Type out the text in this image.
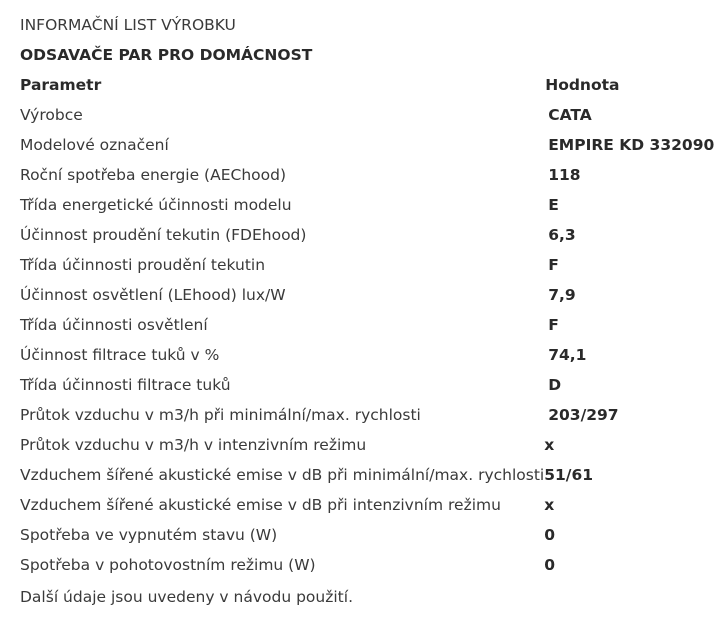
INFORMAČNÍ LIST VÝROBKU
ODSAVAČE PAR PRO DOMÁCNOST
Parametr	Hodnota
Výrobce	CATA
Modelové označení	EMPIRE KD 332090
Roční spotřeba energie (AEChood)	118
Třída energetické účinnosti modelu	E
Účinnost proudění tekutin (FDEhood)	6,3
Třída účinnosti proudění tekutin	F
Účinnost osvětlení (LEhood) lux/W	7,9
Třída účinnosti osvětlení	F
Účinnost filtrace tuků v %	74,1
Třída účinnosti filtrace tuků	D
Průtok vzduchu v m3/h při minimální/max. rychlosti	203/297
Průtok vzduchu v m3/h v intenzivním režimu	x
Vzduchem šířené akustické emise v dB při minimální/max. rychlosti	51/61
Vzduchem šířené akustické emise v dB při intenzivním režimu	x
Spotřeba ve vypnutém stavu (W)	0
Spotřeba v pohotovostním režimu (W)	0
Další údaje jsou uvedeny v návodu použití.
